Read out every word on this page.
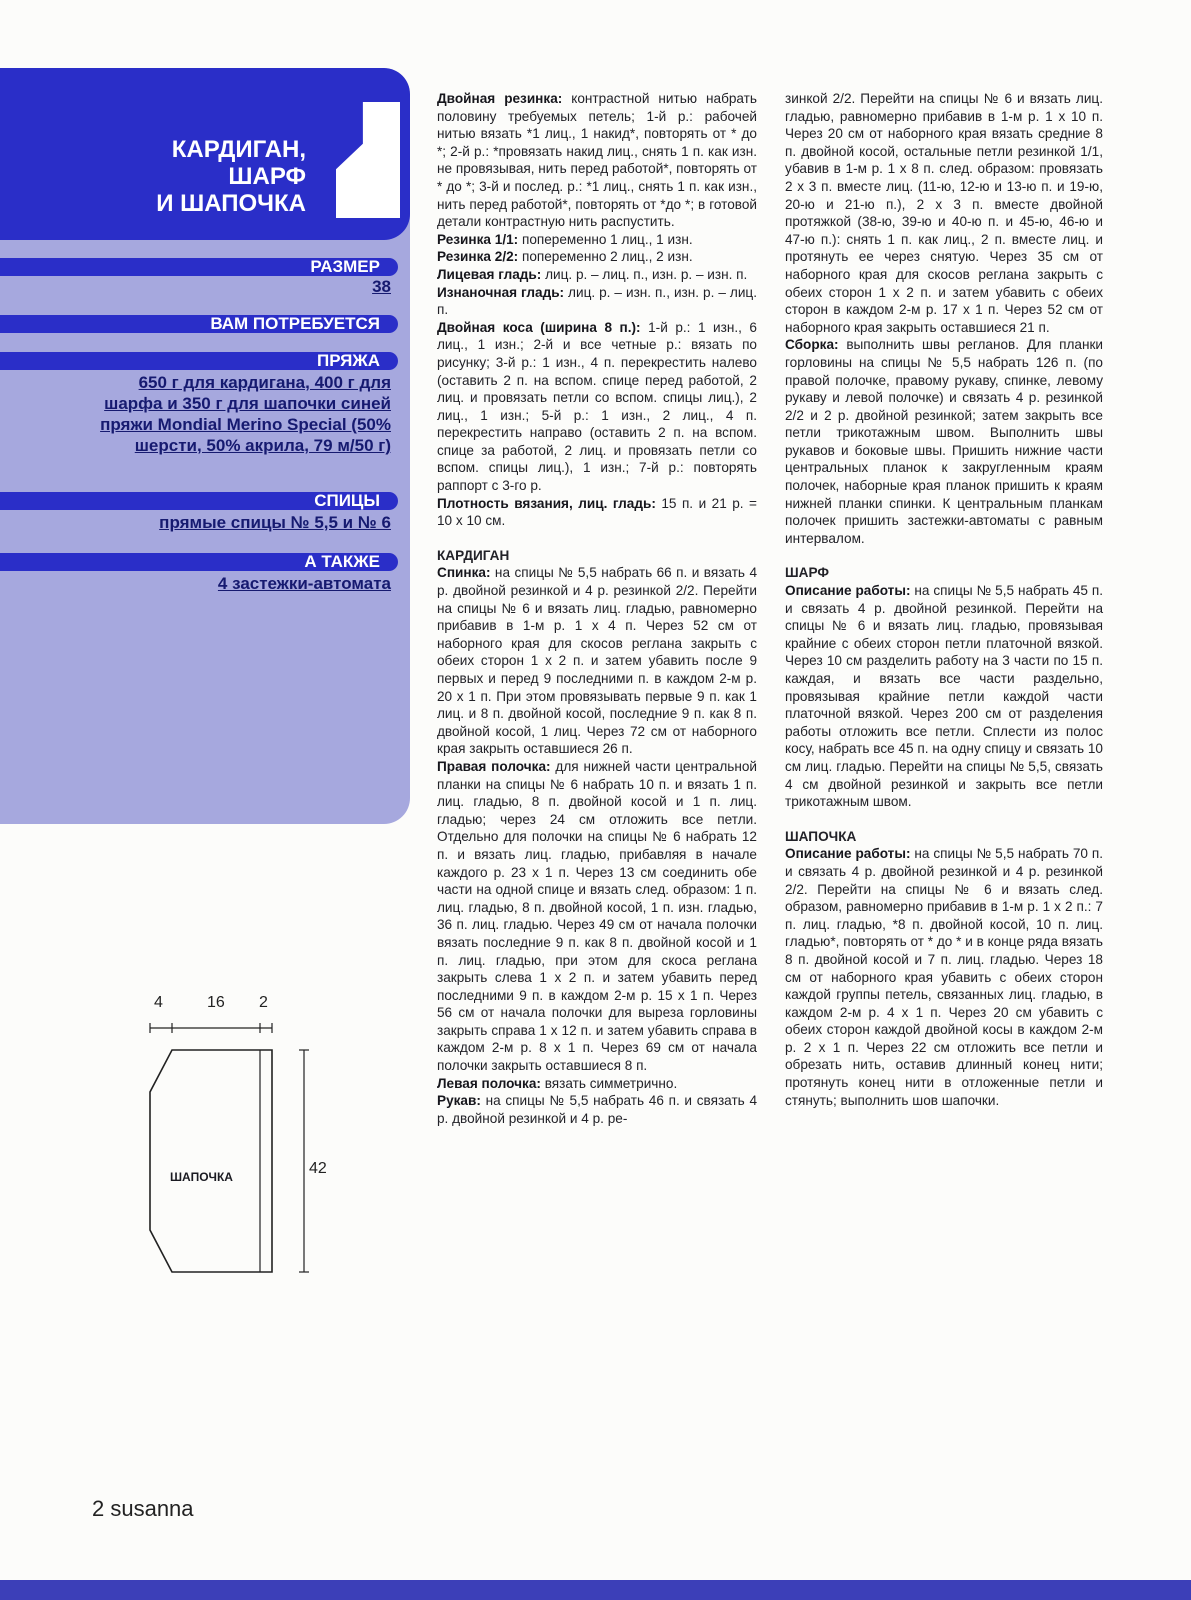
КАРДИГАН,
ШАРФ
И ШАПОЧКА
РАЗМЕР
38
ВАМ ПОТРЕБУЕТСЯ
ПРЯЖА
650 г для кардигана, 400 г для шарфа и 350 г для шапочки синей пряжи Mondial Merino Special (50% шерсти, 50% акрила, 79 м/50 г)
СПИЦЫ
прямые спицы № 5,5 и № 6
А ТАКЖЕ
4 застежки-автомата
4	16 2
42
ШАПОЧКА

Двойная резинка: контрастной нитью набрать половину требуемых петель; 1-й р.: рабочей нитью вязать *1 лиц., 1 накид*, повторять от * до *; 2-й р.: *провязать накид лиц., снять 1 п. как изн. не провязывая, нить перед работой*, повторять от * до *; 3-й и послед. р.: *1 лиц., снять 1 п. как изн., нить перед работой*, повторять от *до *; в готовой детали контрастную нить распустить.

Резинка 1/1: попеременно 1 лиц., 1 изн.

Резинка 2/2: попеременно 2 лиц., 2 изн.

Лицевая гладь: лиц. р. – лиц. п., изн. р. – изн. п.

Изнаночная гладь: лиц. р. – изн. п., изн. р. – лиц. п.

Двойная коса (ширина 8 п.): 1-й р.: 1 изн., 6 лиц., 1 изн.; 2-й и все четные р.: вязать по рисунку; 3-й р.: 1 изн., 4 п. перекрестить налево (оставить 2 п. на вспом. спице перед работой, 2 лиц. и провязать петли со вспом. спицы лиц.), 2 лиц., 1 изн.; 5-й р.: 1 изн., 2 лиц., 4 п. перекрестить направо (оставить 2 п. на вспом. спице за работой, 2 лиц. и провязать петли со вспом. спицы лиц.), 1 изн.; 7-й р.: повторять раппорт с 3-го р.

Плотность вязания, лиц. гладь: 15 п. и 21 р. = 10 x 10 см.

КАРДИГАН

Спинка: на спицы № 5,5 набрать 66 п. и вязать 4 р. двойной резинкой и 4 р. резинкой 2/2. Перейти на спицы № 6 и вязать лиц. гладью, равномерно прибавив в 1-м р. 1 x 4 п. Через 52 см от наборного края для скосов реглана закрыть с обеих сторон 1 x 2 п. и затем убавить после 9 первых и перед 9 последними п. в каждом 2-м р. 20 x 1 п. При этом провязывать первые 9 п. как 1 лиц. и 8 п. двойной косой, последние 9 п. как 8 п. двойной косой, 1 лиц. Через 72 см от наборного края закрыть оставшиеся 26 п.

Правая полочка: для нижней части центральной планки на спицы № 6 набрать 10 п. и вязать 1 п. лиц. гладью, 8 п. двойной косой и 1 п. лиц. гладью; через 24 см отложить все петли. Отдельно для полочки на спицы № 6 набрать 12 п. и вязать лиц. гладью, прибавляя в начале каждого р. 23 x 1 п. Через 13 см соединить обе части на одной спице и вязать след. образом: 1 п. лиц. гладью, 8 п. двойной косой, 1 п. изн. гладью, 36 п. лиц. гладью. Через 49 см от начала полочки вязать последние 9 п. как 8 п. двойной косой и 1 п. лиц. гладью, при этом для скоса реглана закрыть слева 1 x 2 п. и затем убавить перед последними 9 п. в каждом 2-м р. 15 x 1 п. Через 56 см от начала полочки для выреза горловины закрыть справа 1 x 12 п. и затем убавить справа в каждом 2-м р. 8 x 1 п. Через 69 см от начала полочки закрыть оставшиеся 8 п.

Левая полочка: вязать симметрично.

Рукав: на спицы № 5,5 набрать 46 п. и связать 4 р. двойной резинкой и 4 р. ре-

зинкой 2/2. Перейти на спицы № 6 и вязать лиц. гладью, равномерно прибавив в 1-м р. 1 x 10 п. Через 20 см от наборного края вязать средние 8 п. двойной косой, остальные петли резинкой 1/1, убавив в 1-м р. 1 x 8 п. след. образом: провязать 2 x 3 п. вместе лиц. (11-ю, 12-ю и 13-ю п. и 19-ю, 20-ю и 21-ю п.), 2 x 3 п. вместе двойной протяжкой (38-ю, 39-ю и 40-ю п. и 45-ю, 46-ю и 47-ю п.): снять 1 п. как лиц., 2 п. вместе лиц. и протянуть ее через снятую. Через 35 см от наборного края для скосов реглана закрыть с обеих сторон 1 x 2 п. и затем убавить с обеих сторон в каждом 2-м р. 17 x 1 п. Через 52 см от наборного края закрыть оставшиеся 21 п.

Сборка: выполнить швы регланов. Для планки горловины на спицы № 5,5 набрать 126 п. (по правой полочке, правому рукаву, спинке, левому рукаву и левой полочке) и связать 4 р. резинкой 2/2 и 2 р. двойной резинкой; затем закрыть все петли трикотажным швом. Выполнить швы рукавов и боковые швы. Пришить нижние части центральных планок к закругленным краям полочек, наборные края планок пришить к краям нижней планки спинки. К центральным планкам полочек пришить застежки-автоматы с равным интервалом.

ШАРФ

Описание работы: на спицы № 5,5 набрать 45 п. и связать 4 р. двойной резинкой. Перейти на спицы № 6 и вязать лиц. гладью, провязывая крайние с обеих сторон петли платочной вязкой. Через 10 см разделить работу на 3 части по 15 п. каждая, и вязать все части раздельно, провязывая крайние петли каждой части платочной вязкой. Через 200 см от разделения работы отложить все петли. Сплести из полос косу, набрать все 45 п. на одну спицу и связать 10 см лиц. гладью. Перейти на спицы № 5,5, связать 4 см двойной резинкой и закрыть все петли трикотажным швом.

ШАПОЧКА

Описание работы: на спицы № 5,5 набрать 70 п. и связать 4 р. двойной резинкой и 4 р. резинкой 2/2. Перейти на спицы № 6 и вязать след. образом, равномерно прибавив в 1-м р. 1 x 2 п.: 7 п. лиц. гладью, *8 п. двойной косой, 10 п. лиц. гладью*, повторять от * до * и в конце ряда вязать 8 п. двойной косой и 7 п. лиц. гладью. Через 18 см от наборного края убавить с обеих сторон каждой группы петель, связанных лиц. гладью, в каждом 2-м р. 4 x 1 п. Через 20 см убавить с обеих сторон каждой двойной косы в каждом 2-м р. 2 x 1 п. Через 22 см отложить все петли и обрезать нить, оставив длинный конец нити; протянуть конец нити в отложенные петли и стянуть; выполнить шов шапочки.

2 susanna
